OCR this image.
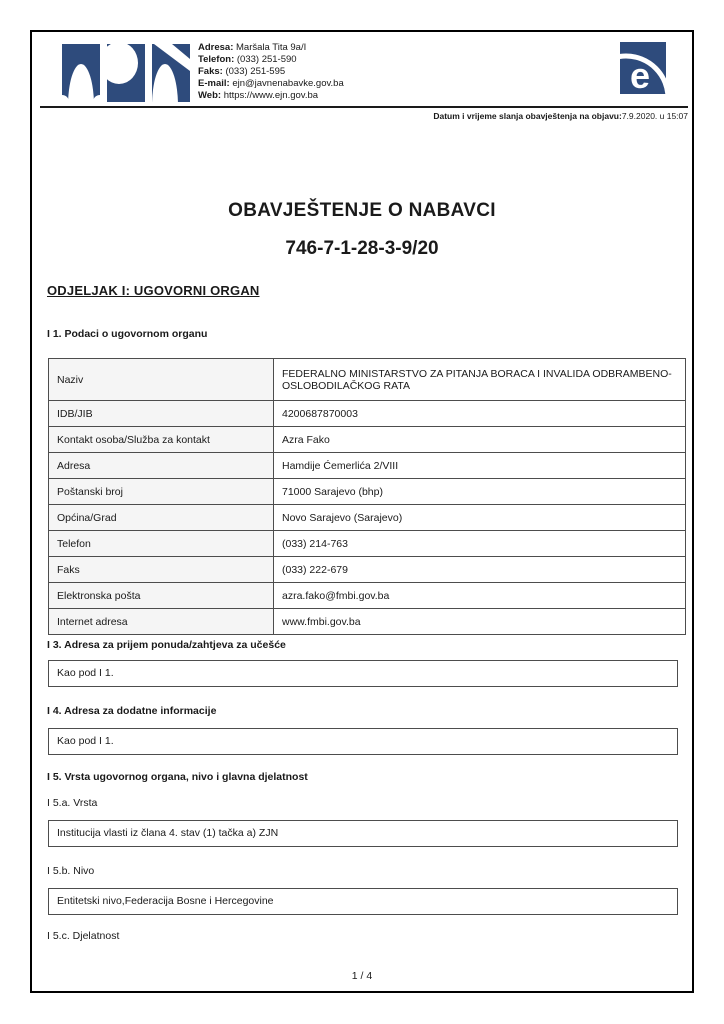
Adresa: Maršala Tita 9a/I
Telefon: (033) 251-590
Faks: (033) 251-595
E-mail: ejn@javnenabavke.gov.ba
Web: https://www.ejn.gov.ba	e
Datum i vrijeme slanja obavještenja na objavu:7.9.2020. u 15:07
OBAVJEŠTENJE O NABAVCI
746-7-1-28-3-9/20
ODJELJAK I: UGOVORNI ORGAN
I 1. Podaci o ugovornom organu
Naziv	FEDERALNO MINISTARSTVO ZA PITANJA BORACA I INVALIDA ODBRAMBENO-OSLOBODILAČKOG RATA
IDB/JIB	4200687870003
Kontakt osoba/Služba za kontakt	Azra Fako
Adresa	Hamdije Ćemerlića 2/VIII
Poštanski broj	71000 Sarajevo (bhp)
Općina/Grad	Novo Sarajevo (Sarajevo)
Telefon	(033) 214-763
Faks	(033) 222-679
Elektronska pošta	azra.fako@fmbi.gov.ba
Internet adresa	www.fmbi.gov.ba
I 3. Adresa za prijem ponuda/zahtjeva za učešće
Kao pod I 1.
I 4. Adresa za dodatne informacije
Kao pod I 1.
I 5. Vrsta ugovornog organa, nivo i glavna djelatnost
I 5.a. Vrsta
Institucija vlasti iz člana 4. stav (1) tačka a) ZJN
I 5.b. Nivo
Entitetski nivo,Federacija Bosne i Hercegovine
I 5.c. Djelatnost
1 / 4
